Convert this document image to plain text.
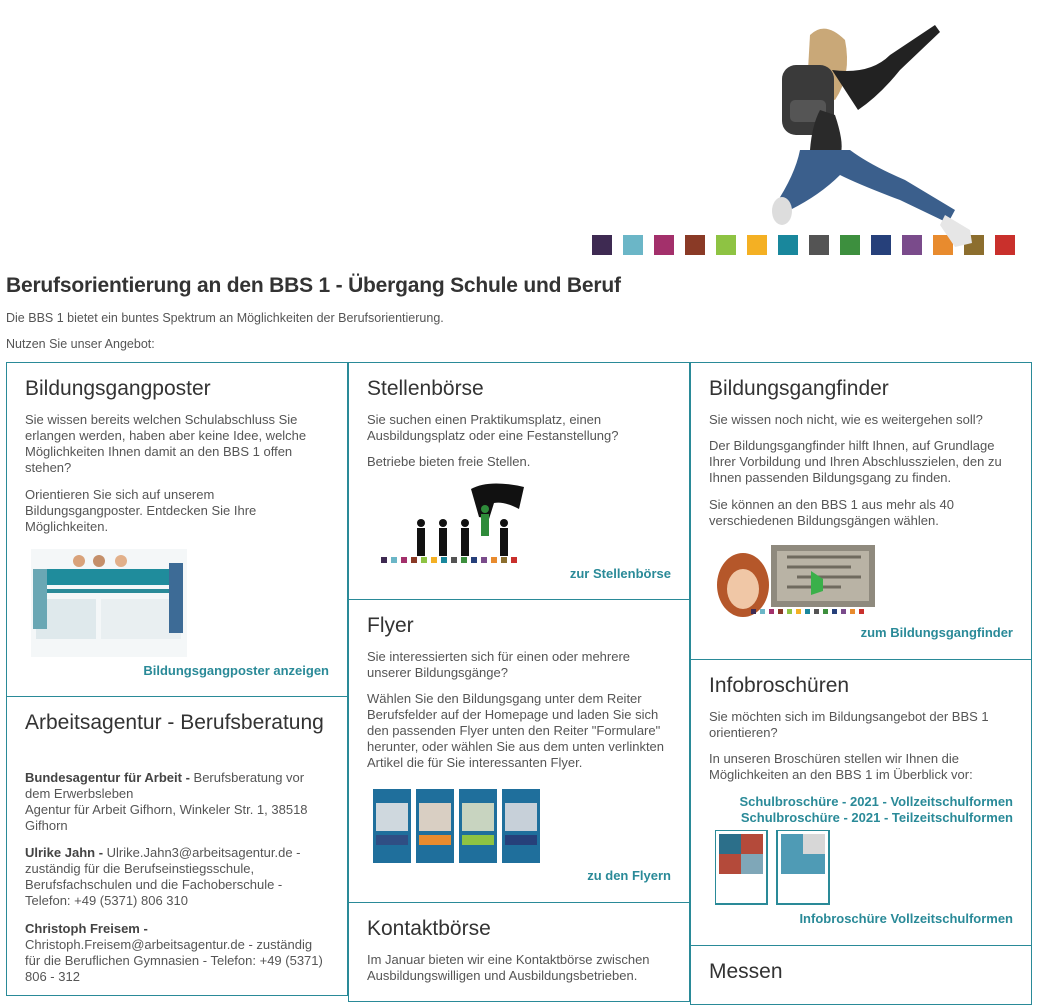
Berufsorientierung an den BBS 1 - Übergang Schule und Beruf
Die BBS 1 bietet ein buntes Spektrum an Möglichkeiten der Berufsorientierung.
Nutzen Sie unser Angebot:
Bildungsgangposter

Sie wissen bereits welchen Schulabschluss Sie erlangen werden, haben aber keine Idee, welche Möglichkeiten Ihnen damit an den BBS 1 offen stehen?

Orientieren Sie sich auf unserem Bildungsgangposter. Entdecken Sie Ihre Möglichkeiten.

Bildungsgangposter anzeigen
Arbeitsagentur - Berufsberatung

Bundesagentur für Arbeit - Berufsberatung vor dem Erwerbsleben
Agentur für Arbeit Gifhorn, Winkeler Str. 1, 38518 Gifhorn

Ulrike Jahn - Ulrike.Jahn3@arbeitsagentur.de - zuständig für die Berufseinstiegsschule, Berufsfachschulen und die Fachoberschule - Telefon: +49 (5371) 806 310

Christoph Freisem - Christoph.Freisem@arbeitsagentur.de - zuständig für die Beruflichen Gymnasien - Telefon: +49 (5371) 806 - 312

Stellenbörse

Sie suchen einen Praktikumsplatz, einen Ausbildungsplatz oder eine Festanstellung?

Betriebe bieten freie Stellen.

zur Stellenbörse
Flyer

Sie interessierten sich für einen oder mehrere unserer Bildungsgänge?

Wählen Sie den Bildungsgang unter dem Reiter Berufsfelder auf der Homepage und laden Sie sich den passenden Flyer unten den Reiter "Formulare" herunter, oder wählen Sie aus dem unten verlinkten Artikel die für Sie interessanten Flyer.

zu den Flyern
Kontaktbörse

Im Januar bieten wir eine Kontaktbörse zwischen Ausbildungswilligen und Ausbildungsbetrieben.

Bildungsgangfinder

Sie wissen noch nicht, wie es weitergehen soll?

Der Bildungsgangfinder hilft Ihnen, auf Grundlage Ihrer Vorbildung und Ihren Abschlusszielen, den zu Ihnen passenden Bildungsgang zu finden.

Sie können an den BBS 1 aus mehr als 40 verschiedenen Bildungsgängen wählen.

zum Bildungsgangfinder
Infobroschüren

Sie möchten sich im Bildungsangebot der BBS 1 orientieren?

In unseren Broschüren stellen wir Ihnen die Möglichkeiten an den BBS 1 im Überblick vor:

Schulbroschüre - 2021 - Vollzeitschulformen
Schulbroschüre - 2021 - Teilzeitschulformen
Infobroschüre Vollzeitschulformen
Messen
